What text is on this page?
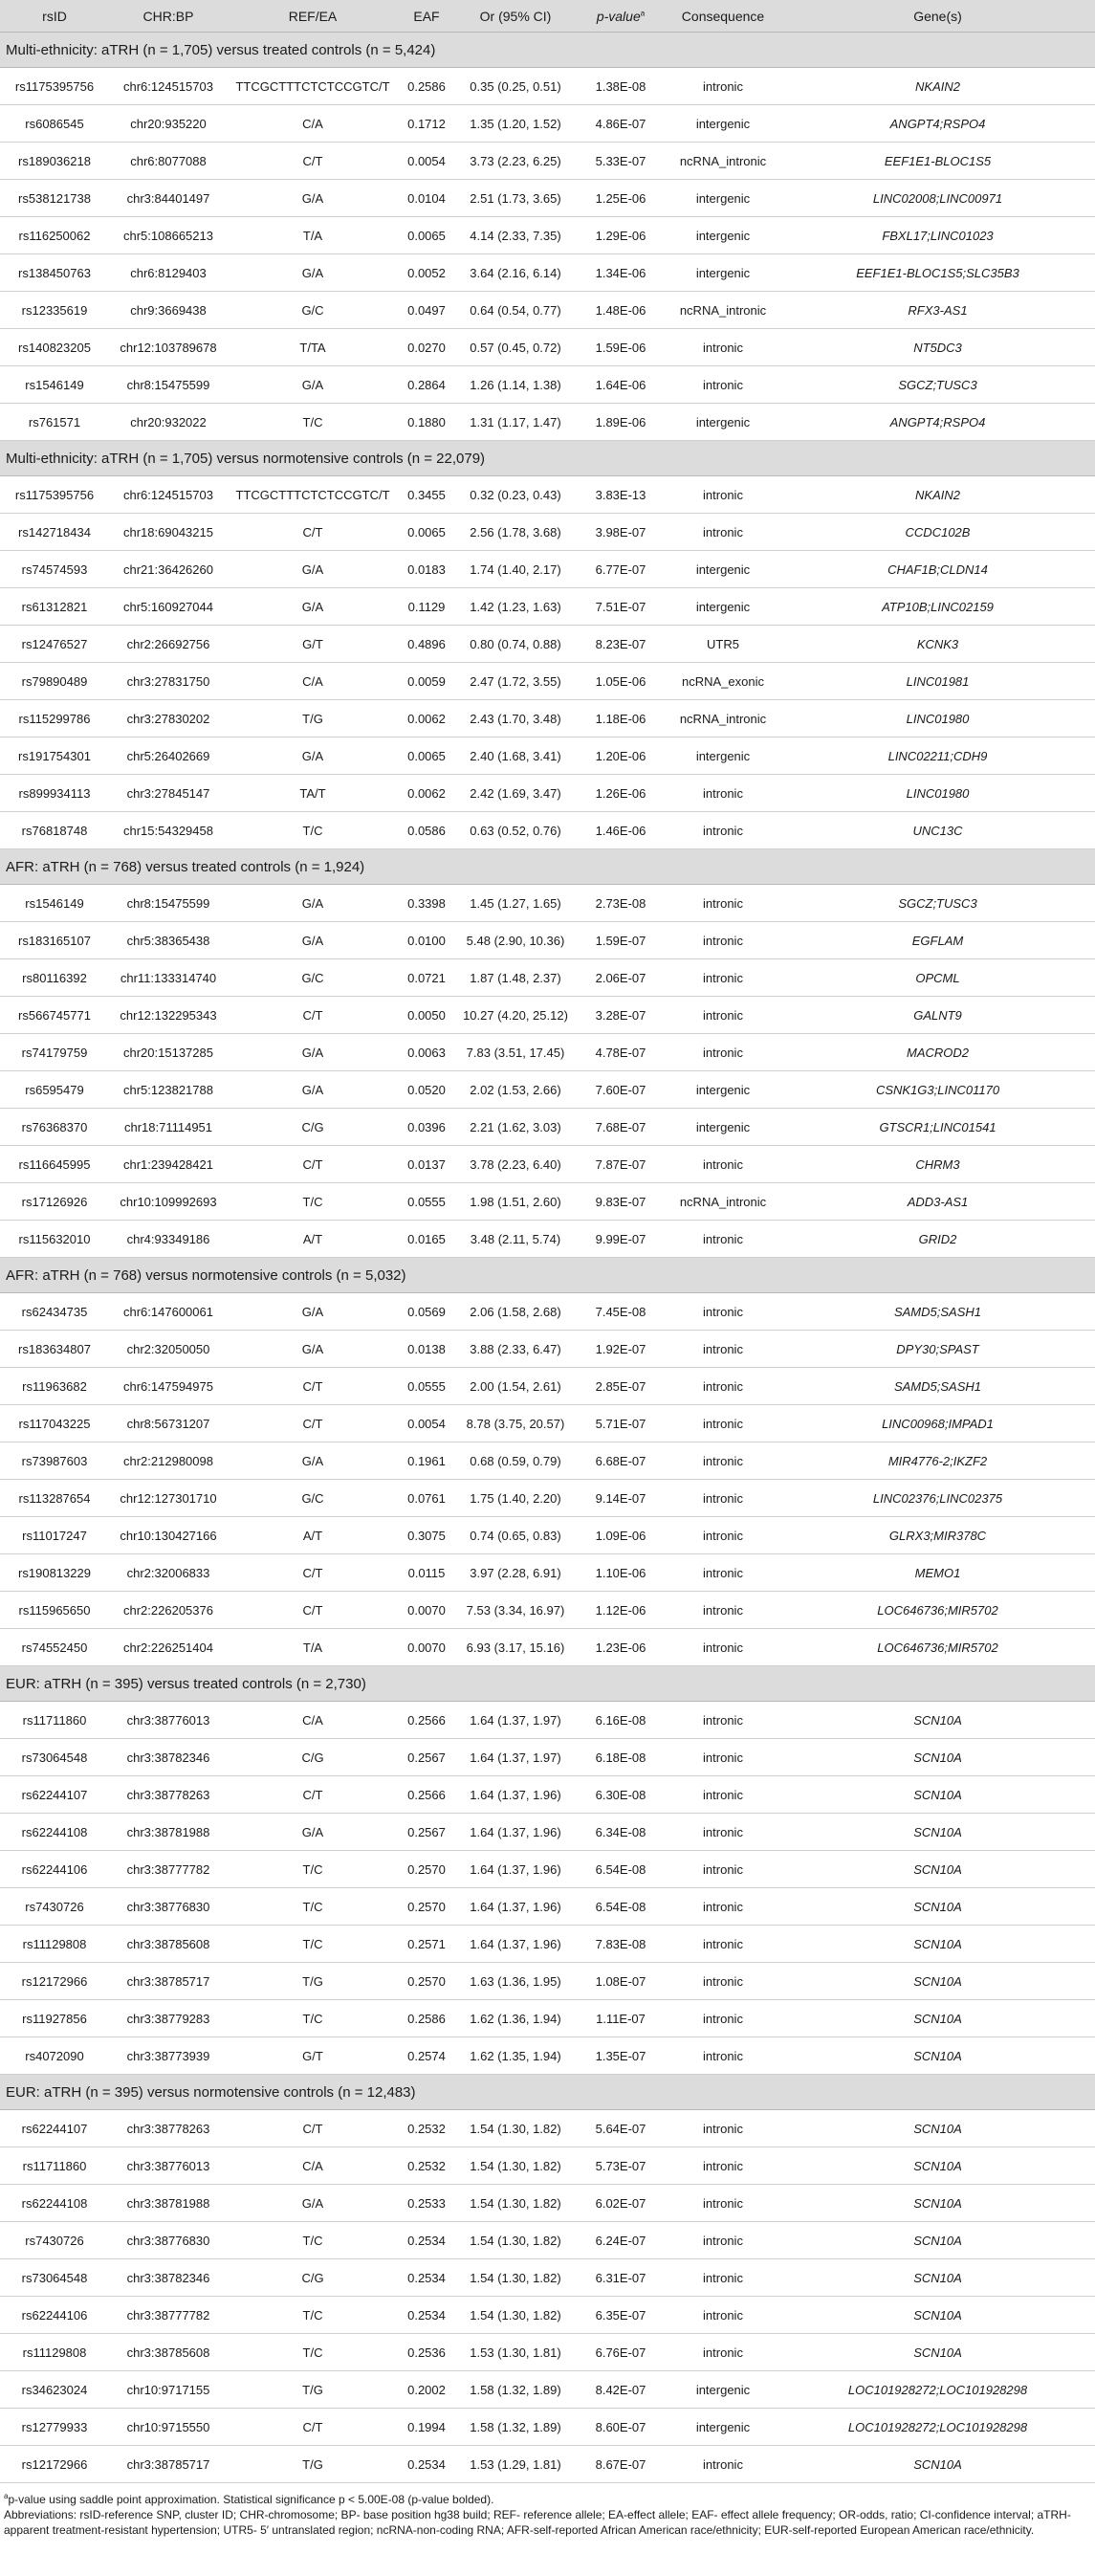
rsID	CHR:BP	REF/EA	EAF	Or (95% CI)	p-value$^a$	Consequence	Gene(s)
Multi-ethnicity: aTRH (n = 1,705) versus treated controls (n = 5,424)							
rs1175395756	chr6:124515703	TTCGCTTTCTCTCCGTC/T	0.2586	0.35 (0.25, 0.51)	1.38E-08	intronic	NKAIN2
rs6086545	chr20:935220	C/A	0.1712	1.35 (1.20, 1.52)	4.86E-07	intergenic	ANGPT4;RSPO4
rs189036218	chr6:8077088	C/T	0.0054	3.73 (2.23, 6.25)	5.33E-07	ncRNA_intronic	EEF1E1-BLOC1S5
rs538121738	chr3:84401497	G/A	0.0104	2.51 (1.73, 3.65)	1.25E-06	intergenic	LINC02008;LINC00971
rs116250062	chr5:108665213	T/A	0.0065	4.14 (2.33, 7.35)	1.29E-06	intergenic	FBXL17;LINC01023
rs138450763	chr6:8129403	G/A	0.0052	3.64 (2.16, 6.14)	1.34E-06	intergenic	EEF1E1-BLOC1S5;SLC35B3
rs12335619	chr9:3669438	G/C	0.0497	0.64 (0.54, 0.77)	1.48E-06	ncRNA_intronic	RFX3-AS1
rs140823205	chr12:103789678	T/TA	0.0270	0.57 (0.45, 0.72)	1.59E-06	intronic	NT5DC3
rs1546149	chr8:15475599	G/A	0.2864	1.26 (1.14, 1.38)	1.64E-06	intronic	SGCZ;TUSC3
rs761571	chr20:932022	T/C	0.1880	1.31 (1.17, 1.47)	1.89E-06	intergenic	ANGPT4;RSPO4
Multi-ethnicity: aTRH (n = 1,705) versus normotensive controls (n = 22,079)							
rs1175395756	chr6:124515703	TTCGCTTTCTCTCCGTC/T	0.3455	0.32 (0.23, 0.43)	3.83E-13	intronic	NKAIN2
rs142718434	chr18:69043215	C/T	0.0065	2.56 (1.78, 3.68)	3.98E-07	intronic	CCDC102B
rs74574593	chr21:36426260	G/A	0.0183	1.74 (1.40, 2.17)	6.77E-07	intergenic	CHAF1B;CLDN14
rs61312821	chr5:160927044	G/A	0.1129	1.42 (1.23, 1.63)	7.51E-07	intergenic	ATP10B;LINC02159
rs12476527	chr2:26692756	G/T	0.4896	0.80 (0.74, 0.88)	8.23E-07	UTR5	KCNK3
rs79890489	chr3:27831750	C/A	0.0059	2.47 (1.72, 3.55)	1.05E-06	ncRNA_exonic	LINC01981
rs115299786	chr3:27830202	T/G	0.0062	2.43 (1.70, 3.48)	1.18E-06	ncRNA_intronic	LINC01980
rs191754301	chr5:26402669	G/A	0.0065	2.40 (1.68, 3.41)	1.20E-06	intergenic	LINC02211;CDH9
rs899934113	chr3:27845147	TA/T	0.0062	2.42 (1.69, 3.47)	1.26E-06	intronic	LINC01980
rs76818748	chr15:54329458	T/C	0.0586	0.63 (0.52, 0.76)	1.46E-06	intronic	UNC13C
AFR: aTRH (n = 768) versus treated controls (n = 1,924)							
rs1546149	chr8:15475599	G/A	0.3398	1.45 (1.27, 1.65)	2.73E-08	intronic	SGCZ;TUSC3
rs183165107	chr5:38365438	G/A	0.0100	5.48 (2.90, 10.36)	1.59E-07	intronic	EGFLAM
rs80116392	chr11:133314740	G/C	0.0721	1.87 (1.48, 2.37)	2.06E-07	intronic	OPCML
rs566745771	chr12:132295343	C/T	0.0050	10.27 (4.20, 25.12)	3.28E-07	intronic	GALNT9
rs74179759	chr20:15137285	G/A	0.0063	7.83 (3.51, 17.45)	4.78E-07	intronic	MACROD2
rs6595479	chr5:123821788	G/A	0.0520	2.02 (1.53, 2.66)	7.60E-07	intergenic	CSNK1G3;LINC01170
rs76368370	chr18:71114951	C/G	0.0396	2.21 (1.62, 3.03)	7.68E-07	intergenic	GTSCR1;LINC01541
rs116645995	chr1:239428421	C/T	0.0137	3.78 (2.23, 6.40)	7.87E-07	intronic	CHRM3
rs17126926	chr10:109992693	T/C	0.0555	1.98 (1.51, 2.60)	9.83E-07	ncRNA_intronic	ADD3-AS1
rs115632010	chr4:93349186	A/T	0.0165	3.48 (2.11, 5.74)	9.99E-07	intronic	GRID2
AFR: aTRH (n = 768) versus normotensive controls (n = 5,032)							
rs62434735	chr6:147600061	G/A	0.0569	2.06 (1.58, 2.68)	7.45E-08	intronic	SAMD5;SASH1
rs183634807	chr2:32050050	G/A	0.0138	3.88 (2.33, 6.47)	1.92E-07	intronic	DPY30;SPAST
rs11963682	chr6:147594975	C/T	0.0555	2.00 (1.54, 2.61)	2.85E-07	intronic	SAMD5;SASH1
rs117043225	chr8:56731207	C/T	0.0054	8.78 (3.75, 20.57)	5.71E-07	intronic	LINC00968;IMPAD1
rs73987603	chr2:212980098	G/A	0.1961	0.68 (0.59, 0.79)	6.68E-07	intronic	MIR4776-2;IKZF2
rs113287654	chr12:127301710	G/C	0.0761	1.75 (1.40, 2.20)	9.14E-07	intronic	LINC02376;LINC02375
rs11017247	chr10:130427166	A/T	0.3075	0.74 (0.65, 0.83)	1.09E-06	intronic	GLRX3;MIR378C
rs190813229	chr2:32006833	C/T	0.0115	3.97 (2.28, 6.91)	1.10E-06	intronic	MEMO1
rs115965650	chr2:226205376	C/T	0.0070	7.53 (3.34, 16.97)	1.12E-06	intronic	LOC646736;MIR5702
rs74552450	chr2:226251404	T/A	0.0070	6.93 (3.17, 15.16)	1.23E-06	intronic	LOC646736;MIR5702
EUR: aTRH (n = 395) versus treated controls (n = 2,730)							
rs11711860	chr3:38776013	C/A	0.2566	1.64 (1.37, 1.97)	6.16E-08	intronic	SCN10A
rs73064548	chr3:38782346	C/G	0.2567	1.64 (1.37, 1.97)	6.18E-08	intronic	SCN10A
rs62244107	chr3:38778263	C/T	0.2566	1.64 (1.37, 1.96)	6.30E-08	intronic	SCN10A
rs62244108	chr3:38781988	G/A	0.2567	1.64 (1.37, 1.96)	6.34E-08	intronic	SCN10A
rs62244106	chr3:38777782	T/C	0.2570	1.64 (1.37, 1.96)	6.54E-08	intronic	SCN10A
rs7430726	chr3:38776830	T/C	0.2570	1.64 (1.37, 1.96)	6.54E-08	intronic	SCN10A
rs11129808	chr3:38785608	T/C	0.2571	1.64 (1.37, 1.96)	7.83E-08	intronic	SCN10A
rs12172966	chr3:38785717	T/G	0.2570	1.63 (1.36, 1.95)	1.08E-07	intronic	SCN10A
rs11927856	chr3:38779283	T/C	0.2586	1.62 (1.36, 1.94)	1.11E-07	intronic	SCN10A
rs4072090	chr3:38773939	G/T	0.2574	1.62 (1.35, 1.94)	1.35E-07	intronic	SCN10A
EUR: aTRH (n = 395) versus normotensive controls (n = 12,483)							
rs62244107	chr3:38778263	C/T	0.2532	1.54 (1.30, 1.82)	5.64E-07	intronic	SCN10A
rs11711860	chr3:38776013	C/A	0.2532	1.54 (1.30, 1.82)	5.73E-07	intronic	SCN10A
rs62244108	chr3:38781988	G/A	0.2533	1.54 (1.30, 1.82)	6.02E-07	intronic	SCN10A
rs7430726	chr3:38776830	T/C	0.2534	1.54 (1.30, 1.82)	6.24E-07	intronic	SCN10A
rs73064548	chr3:38782346	C/G	0.2534	1.54 (1.30, 1.82)	6.31E-07	intronic	SCN10A
rs62244106	chr3:38777782	T/C	0.2534	1.54 (1.30, 1.82)	6.35E-07	intronic	SCN10A
rs11129808	chr3:38785608	T/C	0.2536	1.53 (1.30, 1.81)	6.76E-07	intronic	SCN10A
rs34623024	chr10:9717155	T/G	0.2002	1.58 (1.32, 1.89)	8.42E-07	intergenic	LOC101928272;LOC101928298
rs12779933	chr10:9715550	C/T	0.1994	1.58 (1.32, 1.89)	8.60E-07	intergenic	LOC101928272;LOC101928298
rs12172966	chr3:38785717	T/G	0.2534	1.53 (1.29, 1.81)	8.67E-07	intronic	SCN10A
$^a$p-value using saddle point approximation. Statistical significance p < 5.00E-08 (p-value bolded).
Abbreviations: rsID-reference SNP, cluster ID; CHR-chromosome; BP- base position hg38 build; REF- reference allele; EA-effect allele; EAF- effect allele frequency; OR-odds, ratio; CI-confidence interval; aTRH- apparent treatment-resistant hypertension; UTR5- 5′ untranslated region; ncRNA-non-coding RNA; AFR-self-reported African American race/ethnicity; EUR-self-reported European American race/ethnicity.
